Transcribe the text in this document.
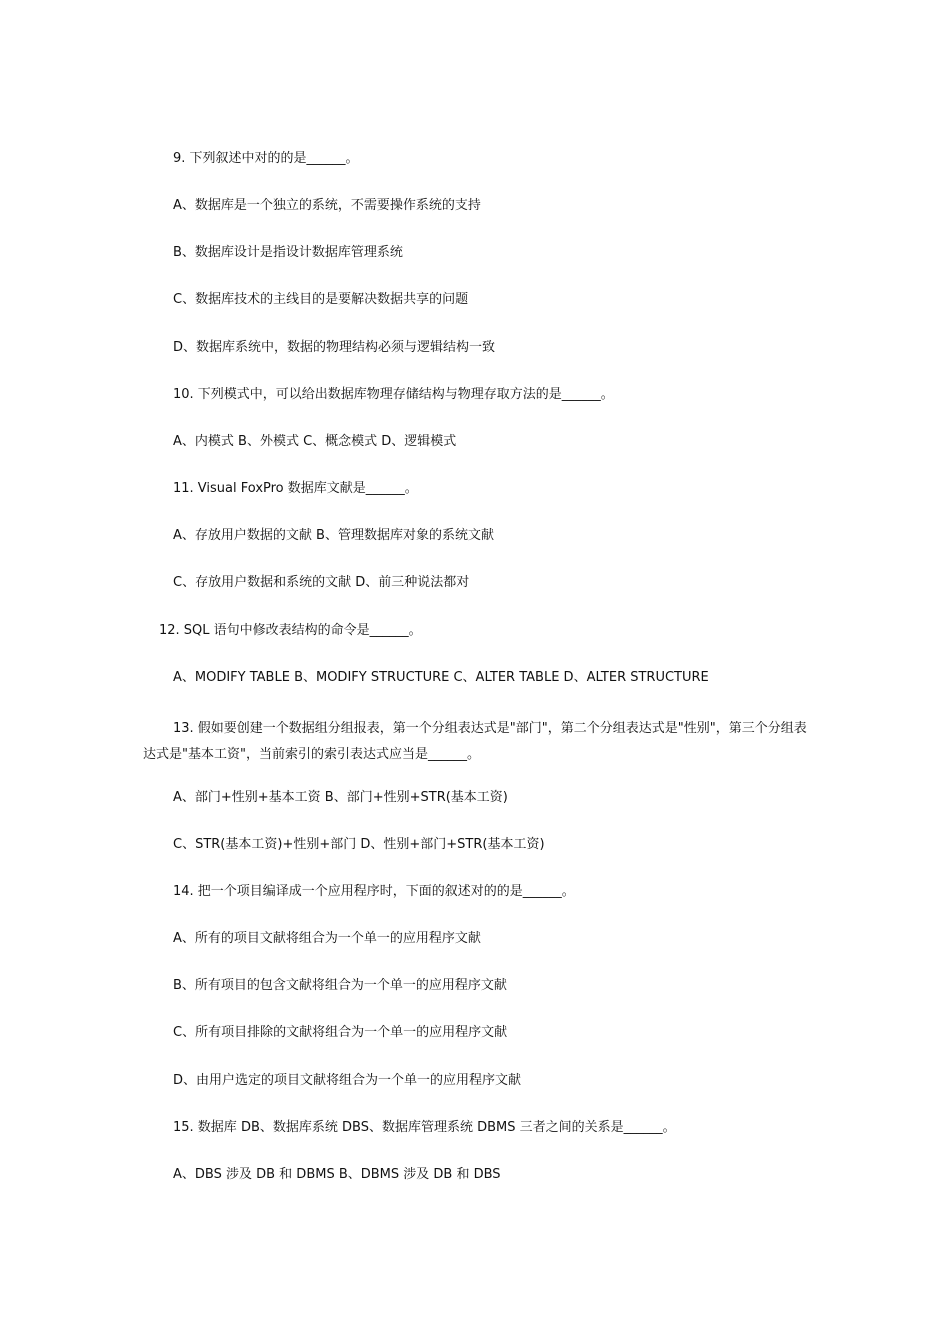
9. 下列叙述中对的的是______。
A、数据库是一个独立的系统，不需要操作系统的支持
B、数据库设计是指设计数据库管理系统
C、数据库技术的主线目的是要解决数据共享的问题
D、数据库系统中，数据的物理结构必须与逻辑结构一致
10. 下列模式中，可以给出数据库物理存储结构与物理存取方法的是______。
A、内模式 B、外模式 C、概念模式 D、逻辑模式
11. Visual FoxPro 数据库文献是______。
A、存放用户数据的文献 B、管理数据库对象的系统文献
C、存放用户数据和系统的文献 D、前三种说法都对
12. SQL 语句中修改表结构的命令是______。
A、MODIFY TABLE B、MODIFY STRUCTURE C、ALTER TABLE D、ALTER STRUCTURE
13. 假如要创建一个数据组分组报表，第一个分组表达式是"部门"，第二个分组表达式是"性别"，第三个分组表达式是"基本工资"，当前索引的索引表达式应当是______。
A、部门+性别+基本工资 B、部门+性别+STR(基本工资)
C、STR(基本工资)+性别+部门 D、性别+部门+STR(基本工资)
14. 把一个项目编译成一个应用程序时，下面的叙述对的的是______。
A、所有的项目文献将组合为一个单一的应用程序文献
B、所有项目的包含文献将组合为一个单一的应用程序文献
C、所有项目排除的文献将组合为一个单一的应用程序文献
D、由用户选定的项目文献将组合为一个单一的应用程序文献
15. 数据库 DB、数据库系统 DBS、数据库管理系统 DBMS 三者之间的关系是______。
A、DBS 涉及 DB 和 DBMS B、DBMS 涉及 DB 和 DBS
